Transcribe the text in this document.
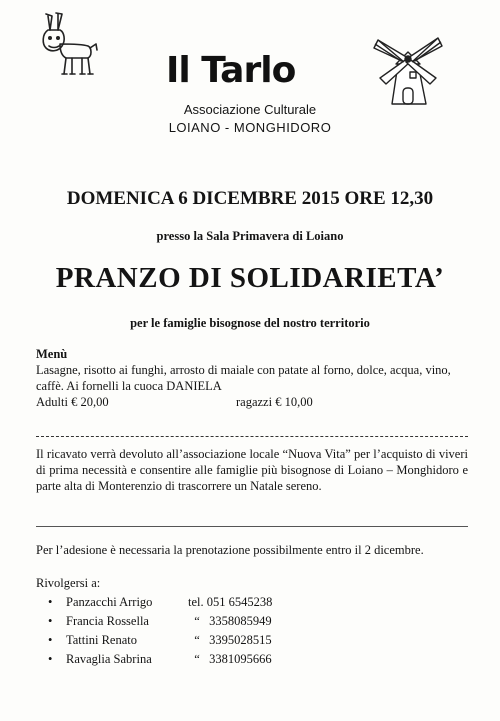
Il Tarlo
Associazione Culturale
LOIANO - MONGHIDORO
DOMENICA 6 DICEMBRE 2015 ORE 12,30
presso la Sala Primavera di Loiano
PRANZO DI SOLIDARIETA’
per le famiglie bisognose del nostro territorio
Menù

Lasagne, risotto ai funghi, arrosto di maiale con patate al forno, dolce, acqua, vino, caffè. Ai fornelli la cuoca DANIELA

Adulti € 20,00	ragazzi € 10,00

Il ricavato verrà devoluto all’associazione locale “Nuova Vita” per l’acquisto di viveri di prima necessità e consentire alle famiglie più bisognose di Loiano – Monghidoro e parte alta di Monterenzio di trascorrere un Natale sereno.

Per l’adesione è necessaria la prenotazione possibilmente entro il 2 dicembre.

Rivolgersi a:
• Panzacchi Arrigo	tel. 051 6545238
• Francia Rossella	“   3358085949
• Tattini Renato	“   3395028515
• Ravaglia Sabrina	“   3381095666
